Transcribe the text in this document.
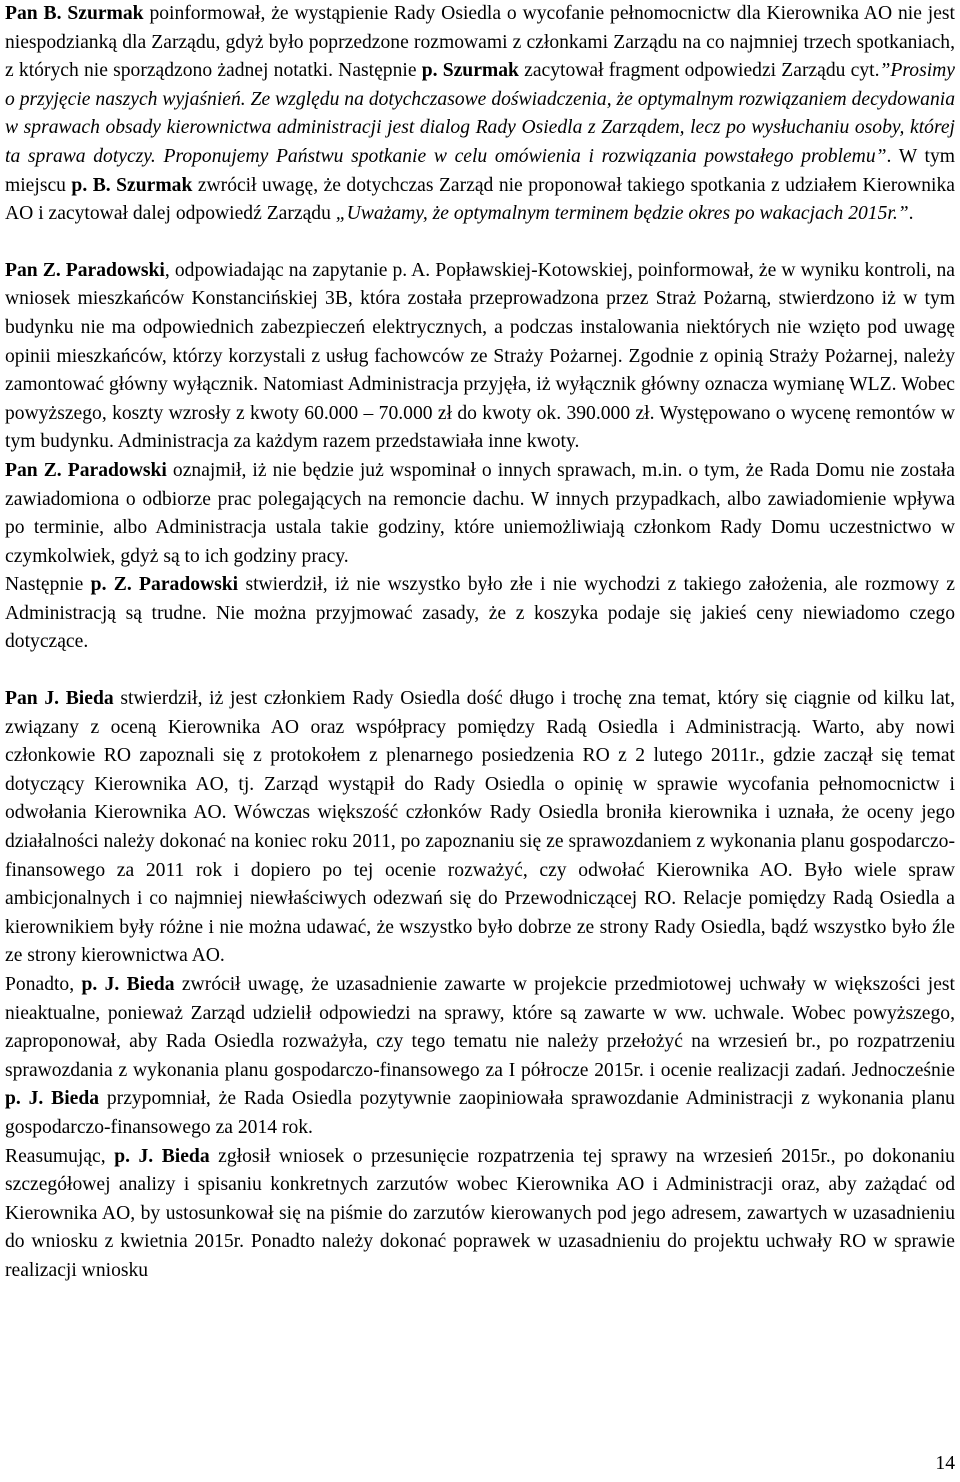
Pan B. Szurmak poinformował, że wystąpienie Rady Osiedla o wycofanie pełnomocnictw dla Kierownika AO nie jest niespodzianką dla Zarządu, gdyż było poprzedzone rozmowami z członkami Zarządu na co najmniej trzech spotkaniach, z których nie sporządzono żadnej notatki. Następnie p. Szurmak zacytował fragment odpowiedzi Zarządu cyt.”Prosimy o przyjęcie naszych wyjaśnień. Ze względu na dotychczasowe doświadczenia, że optymalnym rozwiązaniem decydowania w sprawach obsady kierownictwa administracji jest dialog Rady Osiedla z Zarządem, lecz po wysłuchaniu osoby, której ta sprawa dotyczy. Proponujemy Państwu spotkanie w celu omówienia i rozwiązania powstałego problemu”. W tym miejscu p. B. Szurmak zwrócił uwagę, że dotychczas Zarząd nie proponował takiego spotkania z udziałem Kierownika AO i zacytował dalej odpowiedź Zarządu „Uważamy, że optymalnym terminem będzie okres po wakacjach 2015r.”.

Pan Z. Paradowski, odpowiadając na zapytanie p. A. Popławskiej-Kotowskiej, poinformował, że w wyniku kontroli, na wniosek mieszkańców Konstancińskiej 3B, która została przeprowadzona przez Straż Pożarną, stwierdzono iż w tym budynku nie ma odpowiednich zabezpieczeń elektrycznych, a podczas instalowania niektórych nie wzięto pod uwagę opinii mieszkańców, którzy korzystali z usług fachowców ze Straży Pożarnej. Zgodnie z opinią Straży Pożarnej, należy zamontować główny wyłącznik. Natomiast Administracja przyjęła, iż wyłącznik główny oznacza wymianę WLZ. Wobec powyższego, koszty wzrosły z kwoty 60.000 – 70.000 zł do kwoty ok. 390.000 zł. Występowano o wycenę remontów w tym budynku. Administracja za każdym razem przedstawiała inne kwoty.

Pan Z. Paradowski oznajmił, iż nie będzie już wspominał o innych sprawach, m.in. o tym, że Rada Domu nie została zawiadomiona o odbiorze prac polegających na remoncie dachu. W innych przypadkach, albo zawiadomienie wpływa po terminie, albo Administracja ustala takie godziny, które uniemożliwiają członkom Rady Domu uczestnictwo w czymkolwiek, gdyż są to ich godziny pracy.

Następnie p. Z. Paradowski stwierdził, iż nie wszystko było złe i nie wychodzi z takiego założenia, ale rozmowy z Administracją są trudne. Nie można przyjmować zasady, że z koszyka podaje się jakieś ceny niewiadomo czego dotyczące.

Pan J. Bieda stwierdził, iż jest członkiem Rady Osiedla dość długo i trochę zna temat, który się ciągnie od kilku lat, związany z oceną Kierownika AO oraz współpracy pomiędzy Radą Osiedla i Administracją. Warto, aby nowi członkowie RO zapoznali się z protokołem z plenarnego posiedzenia RO z 2 lutego 2011r., gdzie zaczął się temat dotyczący Kierownika AO, tj. Zarząd wystąpił do Rady Osiedla o opinię w sprawie wycofania pełnomocnictw i odwołania Kierownika AO. Wówczas większość członków Rady Osiedla broniła kierownika i uznała, że oceny jego działalności należy dokonać na koniec roku 2011, po zapoznaniu się ze sprawozdaniem z wykonania planu gospodarczo-finansowego za 2011 rok i dopiero po tej ocenie rozważyć, czy odwołać Kierownika AO. Było wiele spraw ambicjonalnych i co najmniej niewłaściwych odezwań się do Przewodniczącej RO. Relacje pomiędzy Radą Osiedla a kierownikiem były różne i nie można udawać, że wszystko było dobrze ze strony Rady Osiedla, bądź wszystko było źle ze strony kierownictwa AO.

Ponadto, p. J. Bieda zwrócił uwagę, że uzasadnienie zawarte w projekcie przedmiotowej uchwały w większości jest nieaktualne, ponieważ Zarząd udzielił odpowiedzi na sprawy, które są zawarte w ww. uchwale. Wobec powyższego, zaproponował, aby Rada Osiedla rozważyła, czy tego tematu nie należy przełożyć na wrzesień br., po rozpatrzeniu sprawozdania z wykonania planu gospodarczo-finansowego za I półrocze 2015r. i ocenie realizacji zadań. Jednocześnie p. J. Bieda przypomniał, że Rada Osiedla pozytywnie zaopiniowała sprawozdanie Administracji z wykonania planu gospodarczo-finansowego za 2014 rok.

Reasumując, p. J. Bieda zgłosił wniosek o przesunięcie rozpatrzenia tej sprawy na wrzesień 2015r., po dokonaniu szczegółowej analizy i spisaniu konkretnych zarzutów wobec Kierownika AO i Administracji oraz, aby zażądać od Kierownika AO, by ustosunkował się na piśmie do zarzutów kierowanych pod jego adresem, zawartych w uzasadnieniu do wniosku z kwietnia 2015r. Ponadto należy dokonać poprawek w uzasadnieniu do projektu uchwały RO w sprawie realizacji wniosku

14
